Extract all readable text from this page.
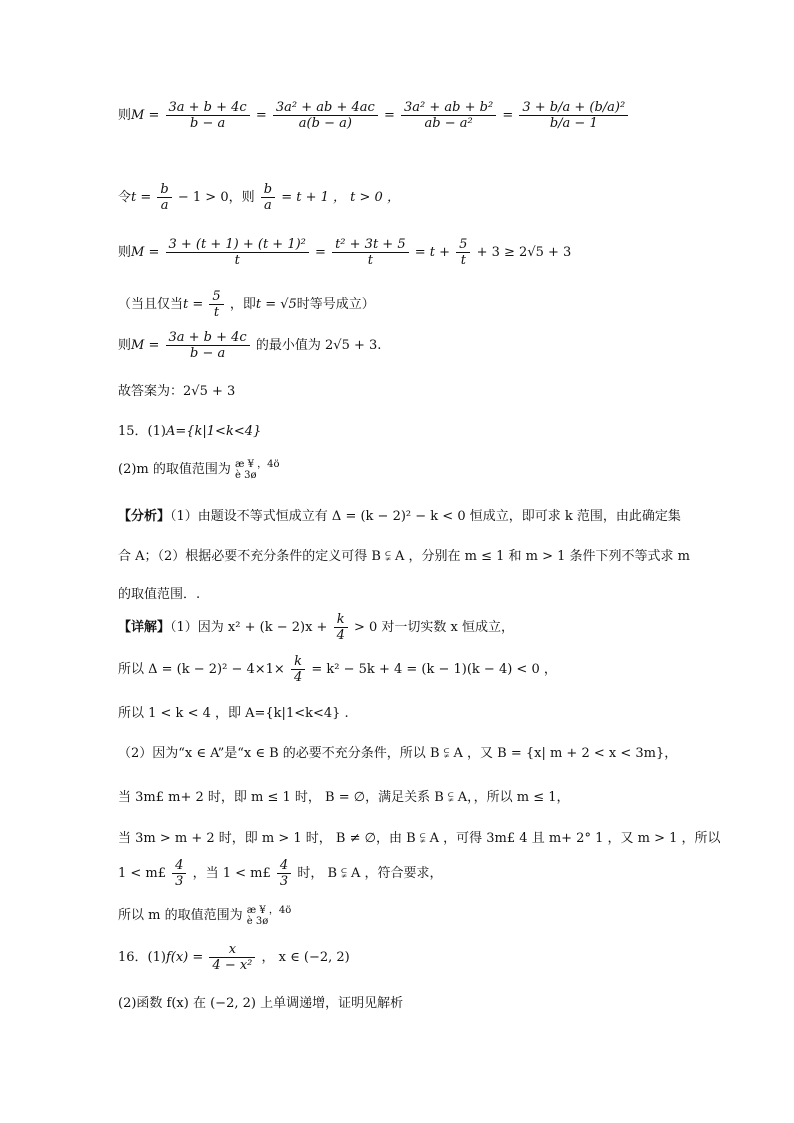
则$M = \frac{3a + b + 4c}{b - a} = \frac{\text{3a² + ab + 4ac}}{a(b - a)} = \frac{\text{3a² + ab + b²}}{\text{ab − a²}} = \frac{\text{3 + b/a + (b/a)²}}{b/a - 1}$
令$t = \frac{b}{a} - 1 > 0$，则 $\frac{b}{a} = t + 1$ ， t > 0 ，
则$M = \frac{\text{3 + (t + 1) + (t + 1)²}}{t} = \frac{\text{t² + 3t + 5}}{t} = t + \frac{5}{t} + 3 \ge 2√5 + 3$
（当且仅当$t = \frac{5}{t}$ ，即t = √5时等号成立）
则$M = \frac{3a + b + 4c}{b - a}$ 的最小值为 2√5 + 3.
故答案为：2√5 + 3
15．(1)A={k|1<k<4}
(2)m 的取值范围为 æ ¥ ，4ö
è 3ø
【分析】（1）由题设不等式恒成立有 Δ = (k − 2)² − k < 0 恒成立，即可求 k 范围，由此确定集
合 A；（2）根据必要不充分条件的定义可得 B ⫋ A ，分别在 m ≤ 1 和 m > 1 条件下列不等式求 m
的取值范围．.
【详解】（1）因为 $x^2 + (k - 2)x + \frac{k}{4} > 0$ 对一切实数 x 恒成立，
所以 $\Delta = (k - 2)^2 - 4\times 1\times \frac{k}{4} = k^2 - 5k + 4 = (k - 1)(k - 4) < 0$ ，
所以 1 < k < 4 ，即 A={k|1<k<4} .
（2）因为“x ∈ A”是“x ∈ B 的必要不充分条件，所以 B ⫋ A ，又 B = {x| m + 2 < x < 3m}，
当 3m£ m+ 2 时，即 m ≤ 1 时， B = ∅，满足关系 B ⫋ A，，所以 m ≤ 1，
当 3m > m + 2 时，即 m > 1 时， B ≠ ∅，由 B ⫋ A ，可得 3m£ 4 且 m+ 2° 1 ，又 m > 1 ，所以
1 < m£ $\frac{4}{3}$ ，当 1 < m£ $\frac{4}{3}$ 时， B ⫋ A ，符合要求，
所以 m 的取值范围为 æ ¥ ，4ö
è 3ø
16．$(1)f(x) = \frac{x}{\text{4 − x²}}$ ， x ∈ (−2, 2)
(2)函数 f(x) 在 (−2, 2) 上单调递增，证明见解析
